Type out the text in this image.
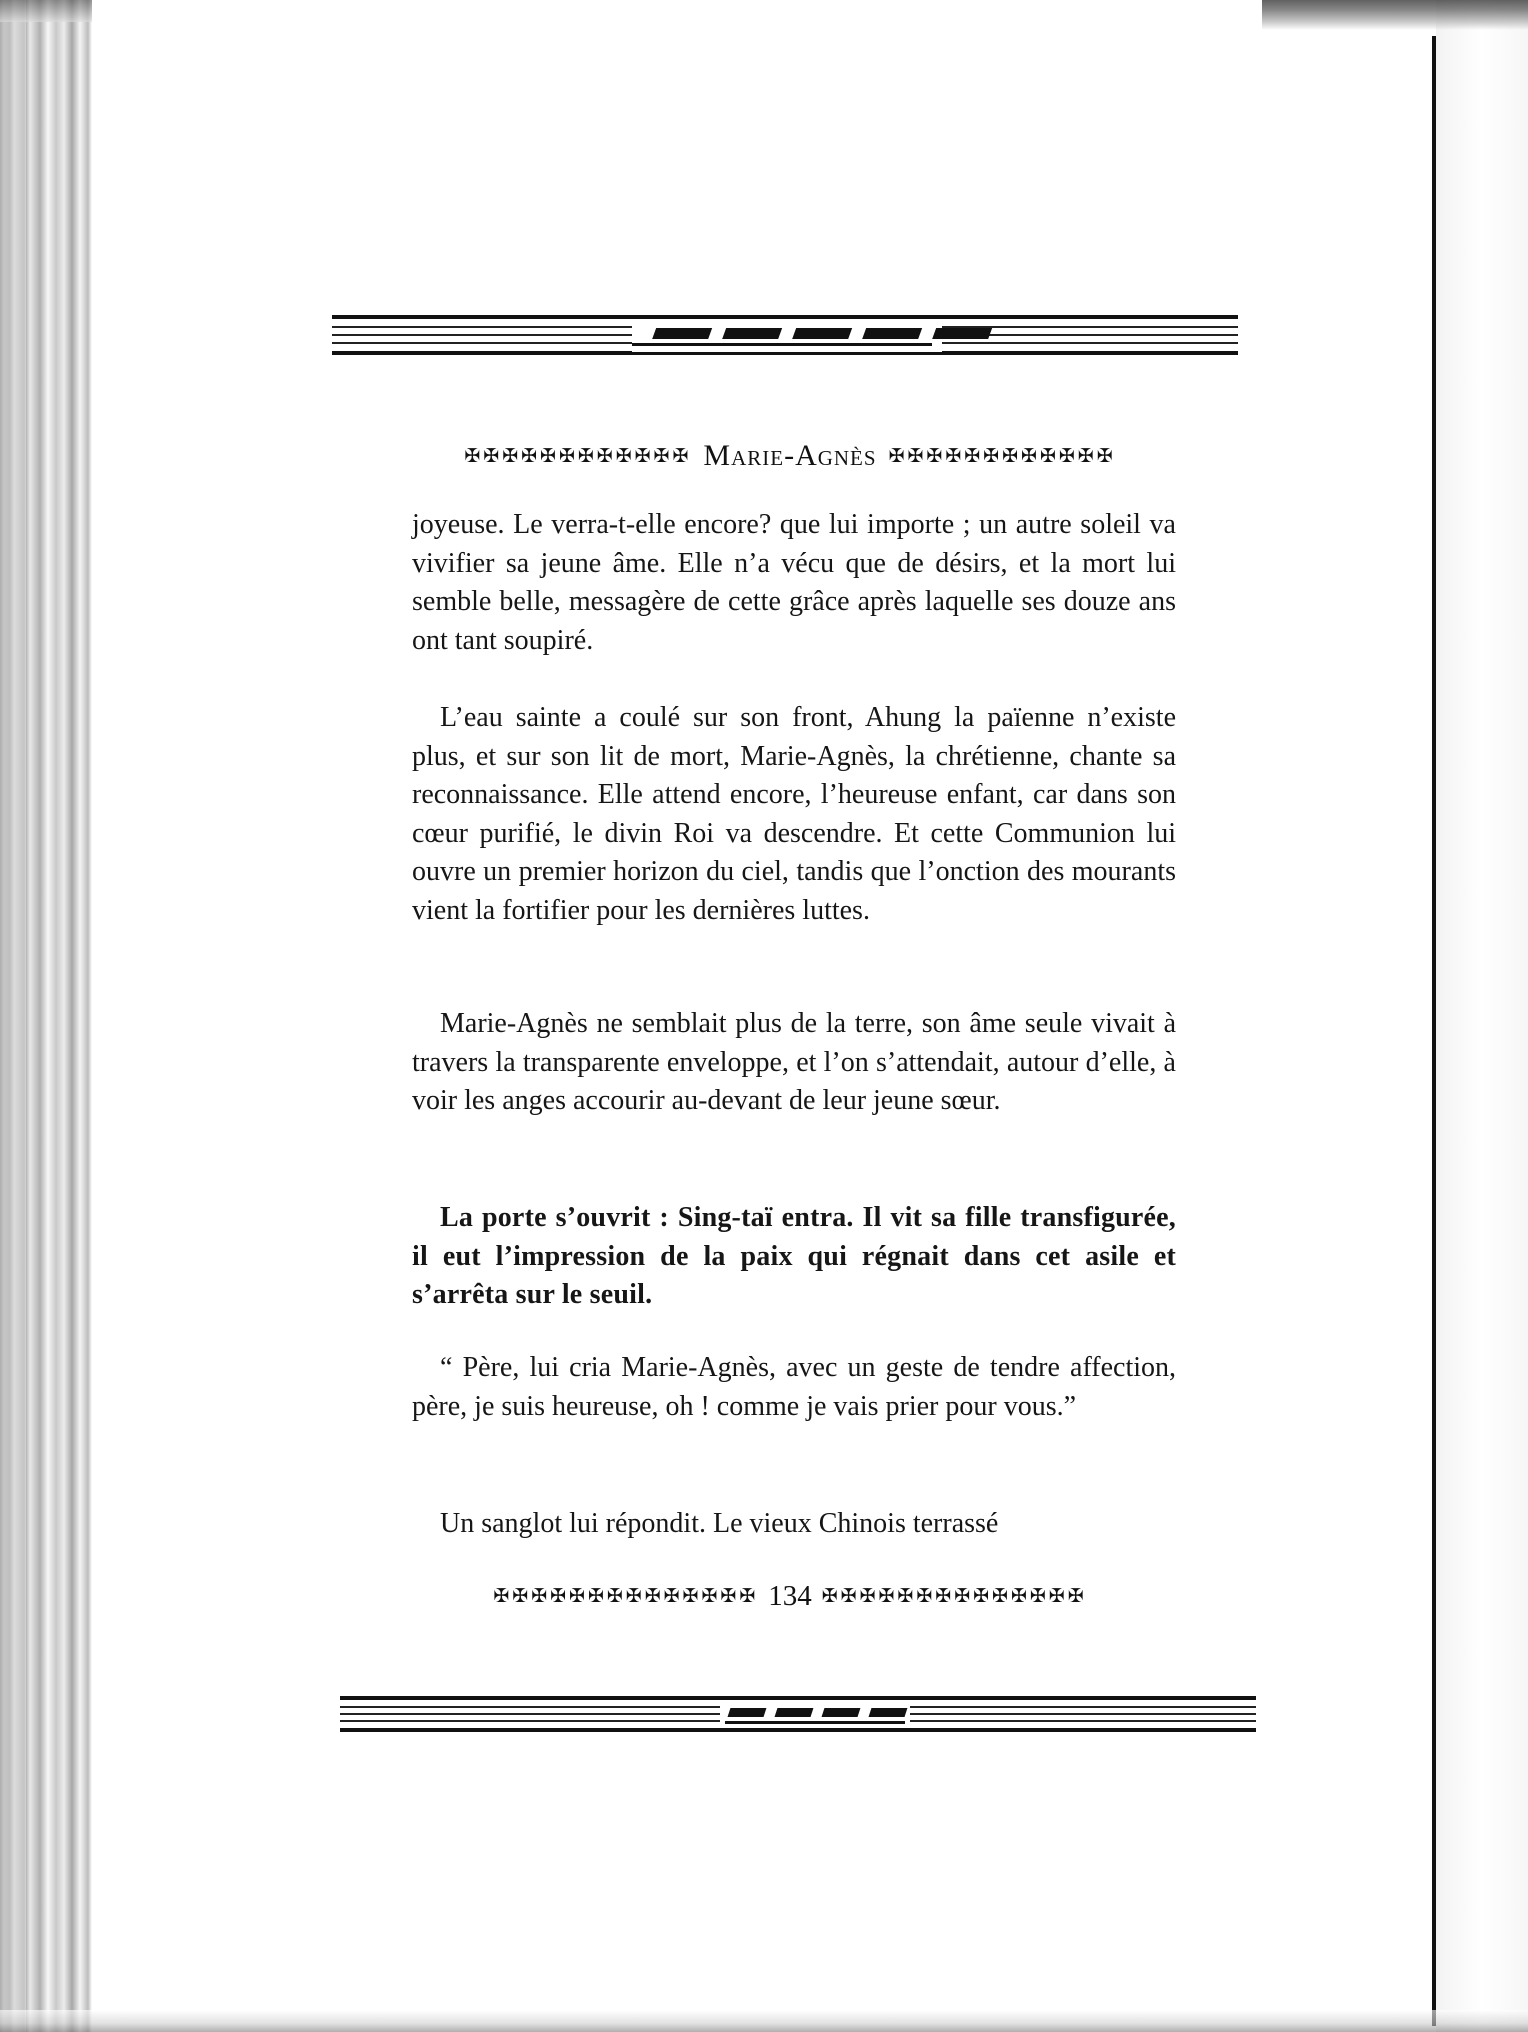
✠✠✠✠✠✠✠✠✠✠✠✠ Marie-Agnès ✠✠✠✠✠✠✠✠✠✠✠✠

joyeuse. Le verra-t-elle encore? que lui importe ; un autre soleil va vivifier sa jeune âme. Elle n’a vécu que de désirs, et la mort lui semble belle, messagère de cette grâce après laquelle ses douze ans ont tant soupiré.

L’eau sainte a coulé sur son front, Ahung la païenne n’existe plus, et sur son lit de mort, Marie-Agnès, la chrétienne, chante sa reconnaissance. Elle attend encore, l’heureuse enfant, car dans son cœur purifié, le divin Roi va descendre. Et cette Communion lui ouvre un premier horizon du ciel, tandis que l’onction des mourants vient la fortifier pour les dernières luttes.

Marie-Agnès ne semblait plus de la terre, son âme seule vivait à travers la transparente enveloppe, et l’on s’attendait, autour d’elle, à voir les anges accourir au-devant de leur jeune sœur.

La porte s’ouvrit : Sing-taï entra. Il vit sa fille transfigurée, il eut l’impression de la paix qui régnait dans cet asile et s’arrêta sur le seuil.

“ Père, lui cria Marie-Agnès, avec un geste de tendre affection, père, je suis heureuse, oh ! comme je vais prier pour vous.”

Un sanglot lui répondit. Le vieux Chinois terrassé

✠✠✠✠✠✠✠✠✠✠✠✠✠✠ 134 ✠✠✠✠✠✠✠✠✠✠✠✠✠✠
